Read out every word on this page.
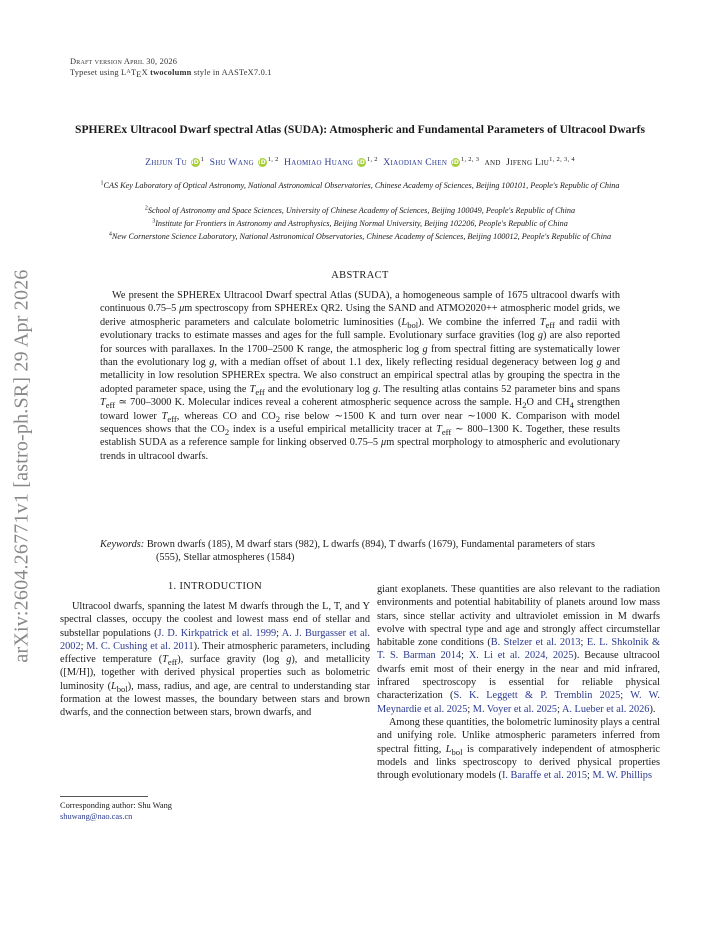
Draft version April 30, 2026
Typeset using $L^ATEX$ twocolumn style in AASTeX7.0.1
arXiv:2604.26771v1 [astro-ph.SR] 29 Apr 2026
SPHEREx Ultracool Dwarf spectral Atlas (SUDA): Atmospheric and Fundamental Parameters of Ultracool Dwarfs
Zhijun Tu iD $^1$ Shu Wang iD $^{1, 2}$ Haomiao Huang iD $^{1, 2}$ Xiaodian Chen iD $^{1, 2, 3}$ and Jifeng Liu$^{1, 2, 3, 4}$
$^1$CAS Key Laboratory of Optical Astronomy, National Astronomical Observatories, Chinese Academy of Sciences, Beijing 100101, People's Republic of China
$^2$School of Astronomy and Space Sciences, University of Chinese Academy of Sciences, Beijing 100049, People's Republic of China
$^3$Institute for Frontiers in Astronomy and Astrophysics, Beijing Normal University, Beijing 102206, People's Republic of China
$^4$New Cornerstone Science Laboratory, National Astronomical Observatories, Chinese Academy of Sciences, Beijing 100012, People's Republic of China
ABSTRACT
We present the SPHEREx Ultracool Dwarf spectral Atlas (SUDA), a homogeneous sample of 1675 ultracool dwarfs with continuous 0.75–5 μm spectroscopy from SPHEREx QR2. Using the SAND and ATMO2020++ atmospheric model grids, we derive atmospheric parameters and calculate bolometric luminosities $(L_{bol})$. We combine the inferred $T_{eff}$ and radii with evolutionary tracks to estimate masses and ages for the full sample. Evolutionary surface gravities (log g) are also reported for sources with parallaxes. In the 1700–2500 K range, the atmospheric log g from spectral fitting are systematically lower than the evolutionary log g, with a median offset of about 1.1 dex, likely reflecting residual degeneracy between log g and metallicity in low resolution SPHEREx spectra. We also construct an empirical spectral atlas by grouping the spectra in the adopted parameter space, using the $T_{eff}$ and the evolutionary log g. The resulting atlas contains 52 parameter bins and spans $T_{eff}$ ≃ 700–3000 K. Molecular indices reveal a coherent atmospheric sequence across the sample. $H_2O$ and $CH_4$ strengthen toward lower $T_{eff}$, whereas CO and $CO_2$ rise below ∼1500 K and turn over near ∼1000 K. Comparison with model sequences shows that the $CO_2$ index is a useful empirical metallicity tracer at $T_{eff}$ ∼ 800–1300 K. Together, these results establish SUDA as a reference sample for linking observed 0.75–5 μm spectral morphology to atmospheric and evolutionary trends in ultracool dwarfs.
Keywords: Brown dwarfs (185), M dwarf stars (982), L dwarfs (894), T dwarfs (1679), Fundamental parameters of stars (555), Stellar atmospheres (1584)
1. INTRODUCTION
Ultracool dwarfs, spanning the latest M dwarfs through the L, T, and Y spectral classes, occupy the coolest and lowest mass end of stellar and substellar populations (J. D. Kirkpatrick et al. 1999; A. J. Burgasser et al. 2002; M. C. Cushing et al. 2011). Their atmospheric parameters, including effective temperature $(T_{eff})$, surface gravity (log g), and metallicity ([M/H]), together with derived physical properties such as bolometric luminosity $(L_{bol})$, mass, radius, and age, are central to understanding star formation at the lowest masses, the boundary between stars and brown dwarfs, and the connection between stars, brown dwarfs, and
Corresponding author: Shu Wang
shuwang@nao.cas.cn

giant exoplanets. These quantities are also relevant to the radiation environments and potential habitability of planets around low mass stars, since stellar activity and ultraviolet emission in M dwarfs evolve with spectral type and age and strongly affect circumstellar habitable zone conditions (B. Stelzer et al. 2013; E. L. Shkolnik & T. S. Barman 2014; X. Li et al. 2024, 2025). Because ultracool dwarfs emit most of their energy in the near and mid infrared, infrared spectroscopy is essential for reliable physical characterization (S. K. Leggett & P. Tremblin 2025; W. W. Meynardie et al. 2025; M. Voyer et al. 2025; A. Lueber et al. 2026).

Among these quantities, the bolometric luminosity plays a central and unifying role. Unlike atmospheric parameters inferred from spectral fitting, $L_{bol}$ is comparatively independent of atmospheric models and links spectroscopy to derived physical properties through evolutionary models (I. Baraffe et al. 2015; M. W. Phillips
